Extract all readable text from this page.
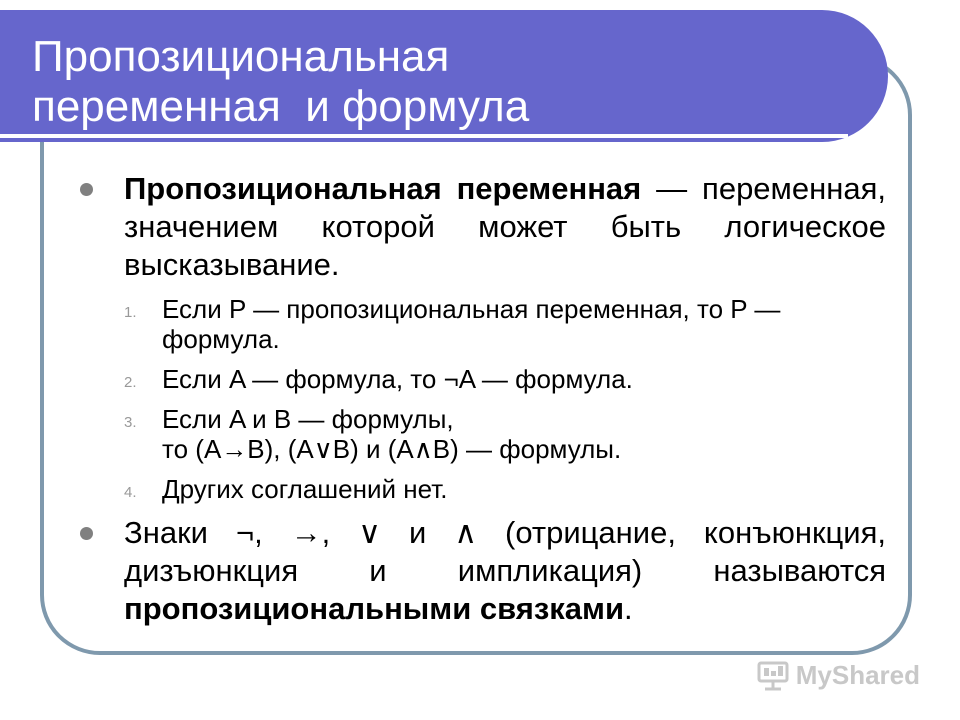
Пропозициональная
переменная  и формула

Пропозициональная переменная — переменная, значением которой может быть логическое высказывание.

1. Если P — пропозициональная переменная, то P — формула.
2. Если A — формула, то ¬A — формула.
3. Если A и B — формулы,
то (A→B), (A∨B) и (A∧B) — формулы.
4. Других соглашений нет.

Знаки ¬, →, ∨ и ∧ (отрицание, конъюнкция, дизъюнкция и импликация) называются пропозициональными связками.

MyShared
